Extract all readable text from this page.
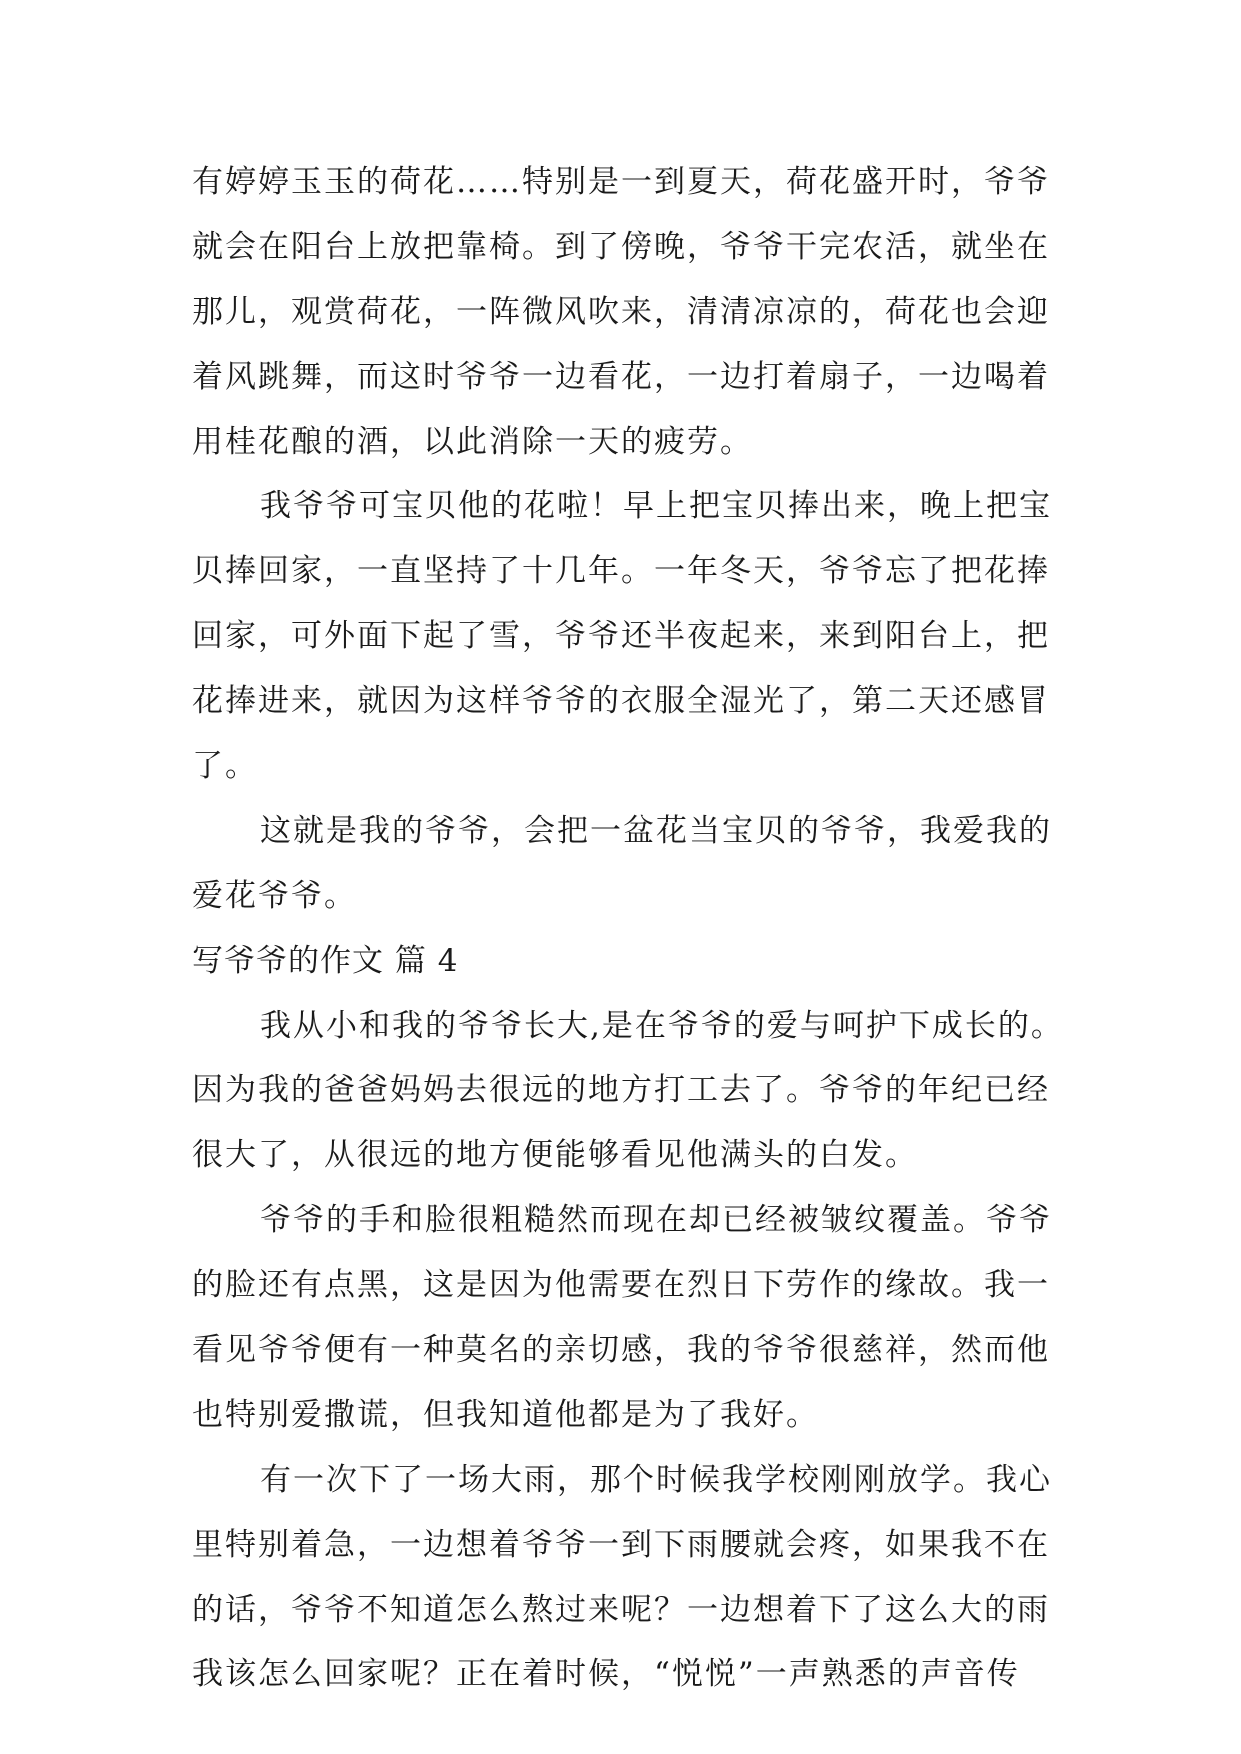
有婷婷玉玉的荷花……特别是一到夏天，荷花盛开时，爷爷
就会在阳台上放把靠椅。到了傍晚，爷爷干完农活，就坐在
那儿，观赏荷花，一阵微风吹来，清清凉凉的，荷花也会迎
着风跳舞，而这时爷爷一边看花，一边打着扇子，一边喝着
用桂花酿的酒，以此消除一天的疲劳。
我爷爷可宝贝他的花啦！早上把宝贝捧出来，晚上把宝
贝捧回家，一直坚持了十几年。一年冬天，爷爷忘了把花捧
回家，可外面下起了雪，爷爷还半夜起来，来到阳台上，把
花捧进来，就因为这样爷爷的衣服全湿光了，第二天还感冒
了。
这就是我的爷爷，会把一盆花当宝贝的爷爷，我爱我的
爱花爷爷。
写爷爷的作文 篇 4
我从小和我的爷爷长大,是在爷爷的爱与呵护下成长的。
因为我的爸爸妈妈去很远的地方打工去了。爷爷的年纪已经
很大了，从很远的地方便能够看见他满头的白发。
爷爷的手和脸很粗糙然而现在却已经被皱纹覆盖。爷爷
的脸还有点黑，这是因为他需要在烈日下劳作的缘故。我一
看见爷爷便有一种莫名的亲切感，我的爷爷很慈祥，然而他
也特别爱撒谎，但我知道他都是为了我好。
有一次下了一场大雨，那个时候我学校刚刚放学。我心
里特别着急，一边想着爷爷一到下雨腰就会疼，如果我不在
的话，爷爷不知道怎么熬过来呢？一边想着下了这么大的雨
我该怎么回家呢？正在着时候，“悦悦”一声熟悉的声音传
